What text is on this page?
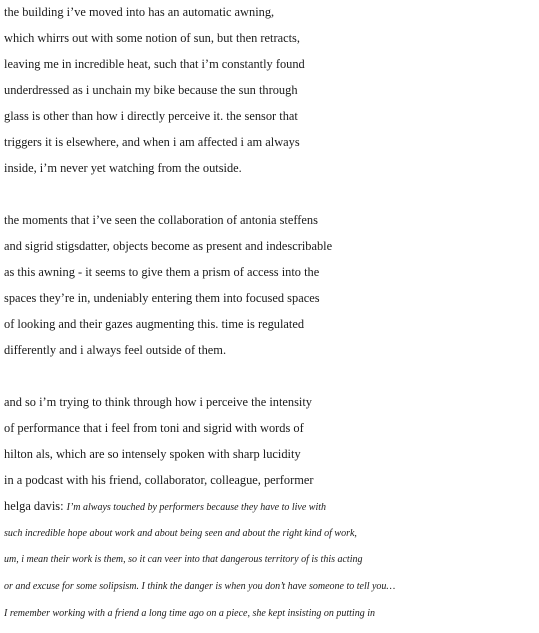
the building i’ve moved into has an automatic awning,
which whirrs out with some notion of sun, but then retracts,
leaving me in incredible heat, such that i’m constantly found
underdressed as i unchain my bike because the sun through
glass is other than how i directly perceive it. the sensor that
triggers it is elsewhere, and when i am affected i am always
inside, i’m never yet watching from the outside.
the moments that i’ve seen the collaboration of antonia steffens
and sigrid stigsdatter, objects become as present and indescribable
as this awning - it seems to give them a prism of access into the
spaces they’re in, undeniably entering them into focused spaces
of looking and their gazes augmenting this. time is regulated
differently and i always feel outside of them.
and so i’m trying to think through how i perceive the intensity
of performance that i feel from toni and sigrid with words of
hilton als, which are so intensely spoken with sharp lucidity
in a podcast with his friend, collaborator, colleague, performer
helga davis: I’m always touched by performers because they have to live with
such incredible hope about work and about being seen and about the right kind of work,
um, i mean their work is them, so it can veer into that dangerous territory of is this acting
or and excuse for some solipsism. I think the danger is when you don’t have someone to tell you…
I remember working with a friend a long time ago on a piece, she kept insisting on putting in
